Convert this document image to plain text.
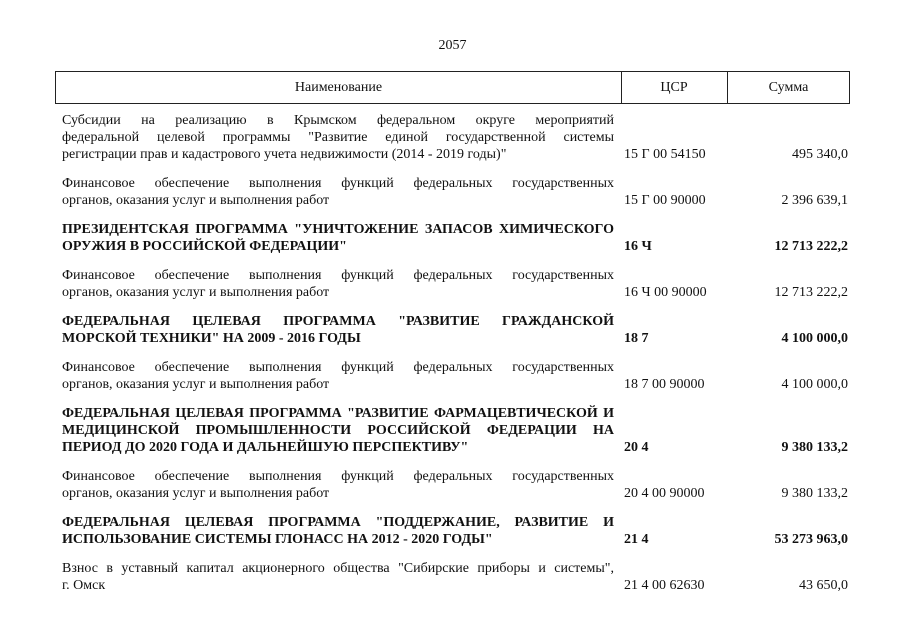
2057
Наименование	ЦСР	Сумма
Субсидии на реализацию в Крымском федеральном округе мероприятий
федеральной целевой программы "Развитие единой государственной системы
регистрации прав и кадастрового учета недвижимости (2014 - 2019 годы)"	15 Г 00 54150	495 340,0
Финансовое обеспечение выполнения функций федеральных государственных
органов, оказания услуг и выполнения работ	15 Г 00 90000	2 396 639,1
ПРЕЗИДЕНТСКАЯ ПРОГРАММА "УНИЧТОЖЕНИЕ ЗАПАСОВ ХИМИЧЕСКОГО
ОРУЖИЯ В РОССИЙСКОЙ ФЕДЕРАЦИИ"	16 Ч	12 713 222,2
Финансовое обеспечение выполнения функций федеральных государственных
органов, оказания услуг и выполнения работ	16 Ч 00 90000	12 713 222,2
ФЕДЕРАЛЬНАЯ ЦЕЛЕВАЯ ПРОГРАММА "РАЗВИТИЕ ГРАЖДАНСКОЙ
МОРСКОЙ ТЕХНИКИ" НА 2009 - 2016 ГОДЫ	18 7	4 100 000,0
Финансовое обеспечение выполнения функций федеральных государственных
органов, оказания услуг и выполнения работ	18 7 00 90000	4 100 000,0
ФЕДЕРАЛЬНАЯ ЦЕЛЕВАЯ ПРОГРАММА "РАЗВИТИЕ ФАРМАЦЕВТИЧЕСКОЙ И
МЕДИЦИНСКОЙ ПРОМЫШЛЕННОСТИ РОССИЙСКОЙ ФЕДЕРАЦИИ НА
ПЕРИОД ДО 2020 ГОДА И ДАЛЬНЕЙШУЮ ПЕРСПЕКТИВУ"	20 4	9 380 133,2
Финансовое обеспечение выполнения функций федеральных государственных
органов, оказания услуг и выполнения работ	20 4 00 90000	9 380 133,2
ФЕДЕРАЛЬНАЯ ЦЕЛЕВАЯ ПРОГРАММА "ПОДДЕРЖАНИЕ, РАЗВИТИЕ И
ИСПОЛЬЗОВАНИЕ СИСТЕМЫ ГЛОНАСС НА 2012 - 2020 ГОДЫ"	21 4	53 273 963,0
Взнос в уставный капитал акционерного общества "Сибирские приборы и системы",
г. Омск	21 4 00 62630	43 650,0
